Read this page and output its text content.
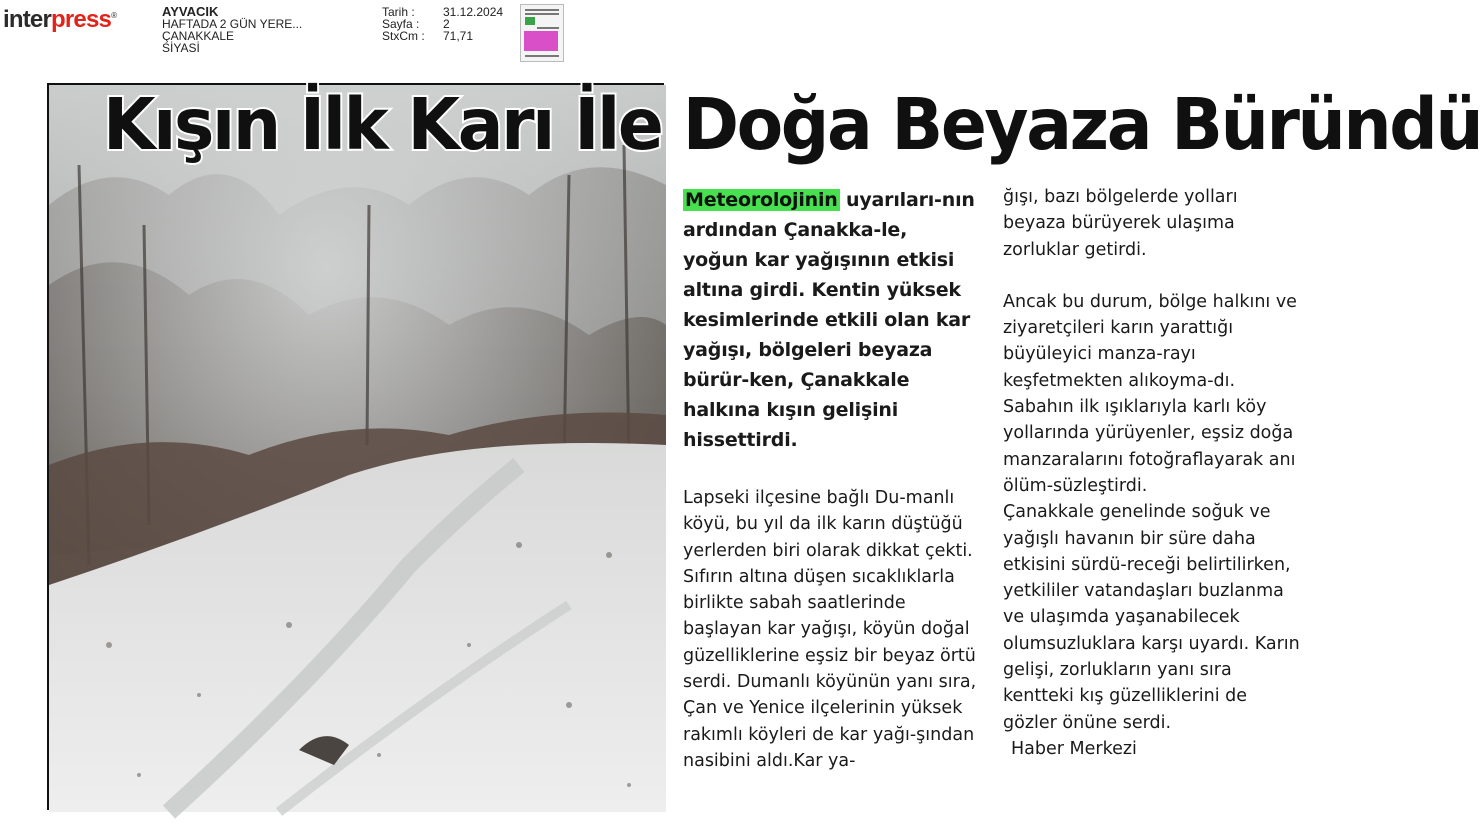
interpress®	AYVACIK
HAFTADA 2 GÜN YERE...
ÇANAKKALE
SİYASİ
Tarih :
Sayfa :
StxCm :
31.12.2024
2
71,71
Kışın İlk Karı İle Doğa Beyaza Büründü
Meteorolojinin uyarıları-nın ardından Çanakka-le, yoğun kar yağışının etkisi altına girdi. Kentin yüksek kesimlerinde etkili olan kar yağışı, bölgeleri beyaza bürür-ken, Çanakkale halkına kışın gelişini hissettirdi.
Lapseki ilçesine bağlı Du-manlı köyü, bu yıl da ilk karın düştüğü yerlerden biri olarak dikkat çekti. Sıfırın altına düşen sıcaklıklarla birlikte sabah saatlerinde başlayan kar yağışı, köyün doğal güzelliklerine eşsiz bir beyaz örtü serdi. Dumanlı köyünün yanı sıra, Çan ve Yenice ilçelerinin yüksek rakımlı köyleri de kar yağı-şından nasibini aldı.Kar ya-

ğışı, bazı bölgelerde yolları beyaza bürüyerek ulaşıma zorluklar getirdi.

Ancak bu durum, bölge halkını ve ziyaretçileri karın yarattığı büyüleyici manza-rayı keşfetmekten alıkoyma-dı. Sabahın ilk ışıklarıyla karlı köy yollarında yürüyenler, eşsiz doğa manzaralarını fotoğraflayarak anı ölüm-süzleştirdi.

Çanakkale genelinde soğuk ve yağışlı havanın bir süre daha etkisini sürdü-receği belirtilirken, yetkililer vatandaşları buzlanma ve ulaşımda yaşanabilecek olumsuzluklara karşı uyardı. Karın gelişi, zorlukların yanı sıra kentteki kış güzelliklerini de gözler önüne serdi.

Haber Merkezi
